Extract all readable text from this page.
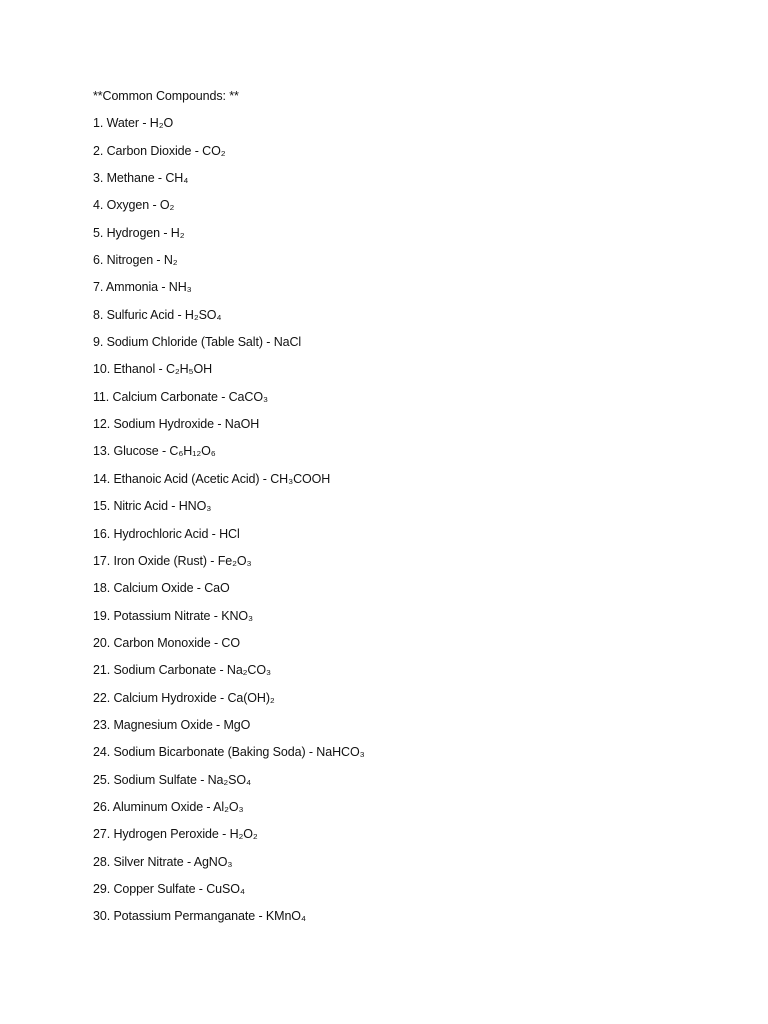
**Common Compounds: **
1. Water - H₂O
2. Carbon Dioxide - CO₂
3. Methane - CH₄
4. Oxygen - O₂
5. Hydrogen - H₂
6. Nitrogen - N₂
7. Ammonia - NH₃
8. Sulfuric Acid - H₂SO₄
9. Sodium Chloride (Table Salt) - NaCl
10. Ethanol - C₂H₅OH
11. Calcium Carbonate - CaCO₃
12. Sodium Hydroxide - NaOH
13. Glucose - C₆H₁₂O₆
14. Ethanoic Acid (Acetic Acid) - CH₃COOH
15. Nitric Acid - HNO₃
16. Hydrochloric Acid - HCl
17. Iron Oxide (Rust) - Fe₂O₃
18. Calcium Oxide - CaO
19. Potassium Nitrate - KNO₃
20. Carbon Monoxide - CO
21. Sodium Carbonate - Na₂CO₃
22. Calcium Hydroxide - Ca(OH)₂
23. Magnesium Oxide - MgO
24. Sodium Bicarbonate (Baking Soda) - NaHCO₃
25. Sodium Sulfate - Na₂SO₄
26. Aluminum Oxide - Al₂O₃
27. Hydrogen Peroxide - H₂O₂
28. Silver Nitrate - AgNO₃
29. Copper Sulfate - CuSO₄
30. Potassium Permanganate - KMnO₄
